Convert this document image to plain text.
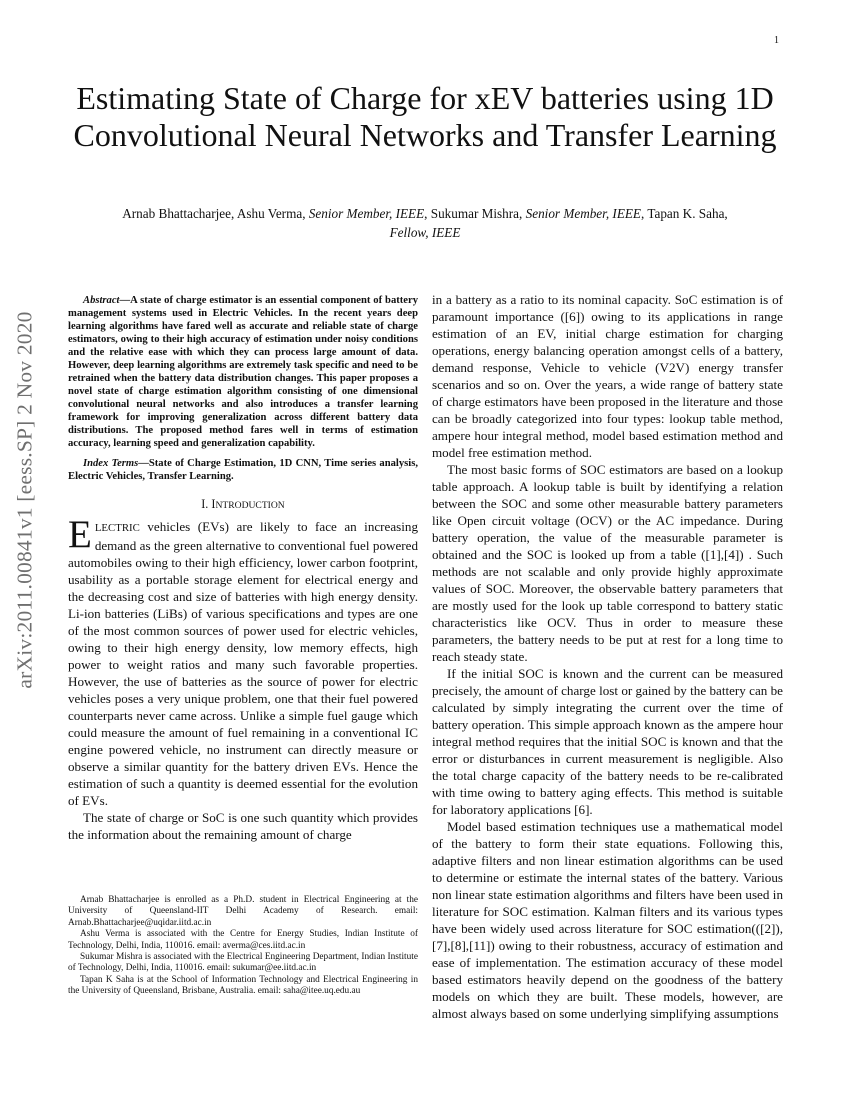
1
arXiv:2011.00841v1 [eess.SP] 2 Nov 2020
Estimating State of Charge for xEV batteries using 1D Convolutional Neural Networks and Transfer Learning

Arnab Bhattacharjee, Ashu Verma, Senior Member, IEEE, Sukumar Mishra, Senior Member, IEEE, Tapan K. Saha, Fellow, IEEE

Abstract—A state of charge estimator is an essential component of battery management systems used in Electric Vehicles. In the recent years deep learning algorithms have fared well as accurate and reliable state of charge estimators, owing to their high accuracy of estimation under noisy conditions and the relative ease with which they can process large amount of data. However, deep learning algorithms are extremely task specific and need to be retrained when the battery data distribution changes. This paper proposes a novel state of charge estimation algorithm consisting of one dimensional convolutional neural networks and also introduces a transfer learning framework for improving generalization across different battery data distributions. The proposed method fares well in terms of estimation accuracy, learning speed and generalization capability.

Index Terms—State of Charge Estimation, 1D CNN, Time series analysis, Electric Vehicles, Transfer Learning.

I. INTRODUCTION

ELECTRIC vehicles (EVs) are likely to face an increasing demand as the green alternative to conventional fuel powered automobiles owing to their high efficiency, lower carbon footprint, usability as a portable storage element for electrical energy and the decreasing cost and size of batteries with high energy density. Li-ion batteries (LiBs) of various specifications and types are one of the most common sources of power used for electric vehicles, owing to their high energy density, low memory effects, high power to weight ratios and many such favorable properties. However, the use of batteries as the source of power for electric vehicles poses a very unique problem, one that their fuel powered counterparts never came across. Unlike a simple fuel gauge which could measure the amount of fuel remaining in a conventional IC engine powered vehicle, no instrument can directly measure or observe a similar quantity for the battery driven EVs. Hence the estimation of such a quantity is deemed essential for the evolution of EVs.

The state of charge or SoC is one such quantity which provides the information about the remaining amount of charge

Arnab Bhattacharjee is enrolled as a Ph.D. student in Electrical Engineering at the University of Queensland-IIT Delhi Academy of Research. email: Arnab.Bhattacharjee@uqidar.iitd.ac.in

Ashu Verma is associated with the Centre for Energy Studies, Indian Institute of Technology, Delhi, India, 110016. email: averma@ces.iitd.ac.in

Sukumar Mishra is associated with the Electrical Engineering Department, Indian Institute of Technology, Delhi, India, 110016. email: sukumar@ee.iitd.ac.in

Tapan K Saha is at the School of Information Technology and Electrical Engineering in the University of Queensland, Brisbane, Australia. email: saha@itee.uq.edu.au

in a battery as a ratio to its nominal capacity. SoC estimation is of paramount importance ([6]) owing to its applications in range estimation of an EV, initial charge estimation for charging operations, energy balancing operation amongst cells of a battery, demand response, Vehicle to vehicle (V2V) energy transfer scenarios and so on. Over the years, a wide range of battery state of charge estimators have been proposed in the literature and those can be broadly categorized into four types: lookup table method, ampere hour integral method, model based estimation method and model free estimation method.

The most basic forms of SOC estimators are based on a lookup table approach. A lookup table is built by identifying a relation between the SOC and some other measurable battery parameters like Open circuit voltage (OCV) or the AC impedance. During battery operation, the value of the measurable parameter is obtained and the SOC is looked up from a table ([1],[4]) . Such methods are not scalable and only provide highly approximate values of SOC. Moreover, the observable battery parameters that are mostly used for the look up table correspond to battery static characteristics like OCV. Thus in order to measure these parameters, the battery needs to be put at rest for a long time to reach steady state.

If the initial SOC is known and the current can be measured precisely, the amount of charge lost or gained by the battery can be calculated by simply integrating the current over the time of battery operation. This simple approach known as the ampere hour integral method requires that the initial SOC is known and that the error or disturbances in current measurement is negligible. Also the total charge capacity of the battery needs to be re-calibrated with time owing to battery aging effects. This method is suitable for laboratory applications [6].

Model based estimation techniques use a mathematical model of the battery to form their state equations. Following this, adaptive filters and non linear estimation algorithms can be used to determine or estimate the internal states of the battery. Various non linear state estimation algorithms and filters have been used in literature for SOC estimation. Kalman filters and its various types have been widely used across literature for SOC estimation(([2]),[7],[8],[11]) owing to their robustness, accuracy of estimation and ease of implementation. The estimation accuracy of these model based estimators heavily depend on the goodness of the battery models on which they are built. These models, however, are almost always based on some underlying simplifying assumptions
